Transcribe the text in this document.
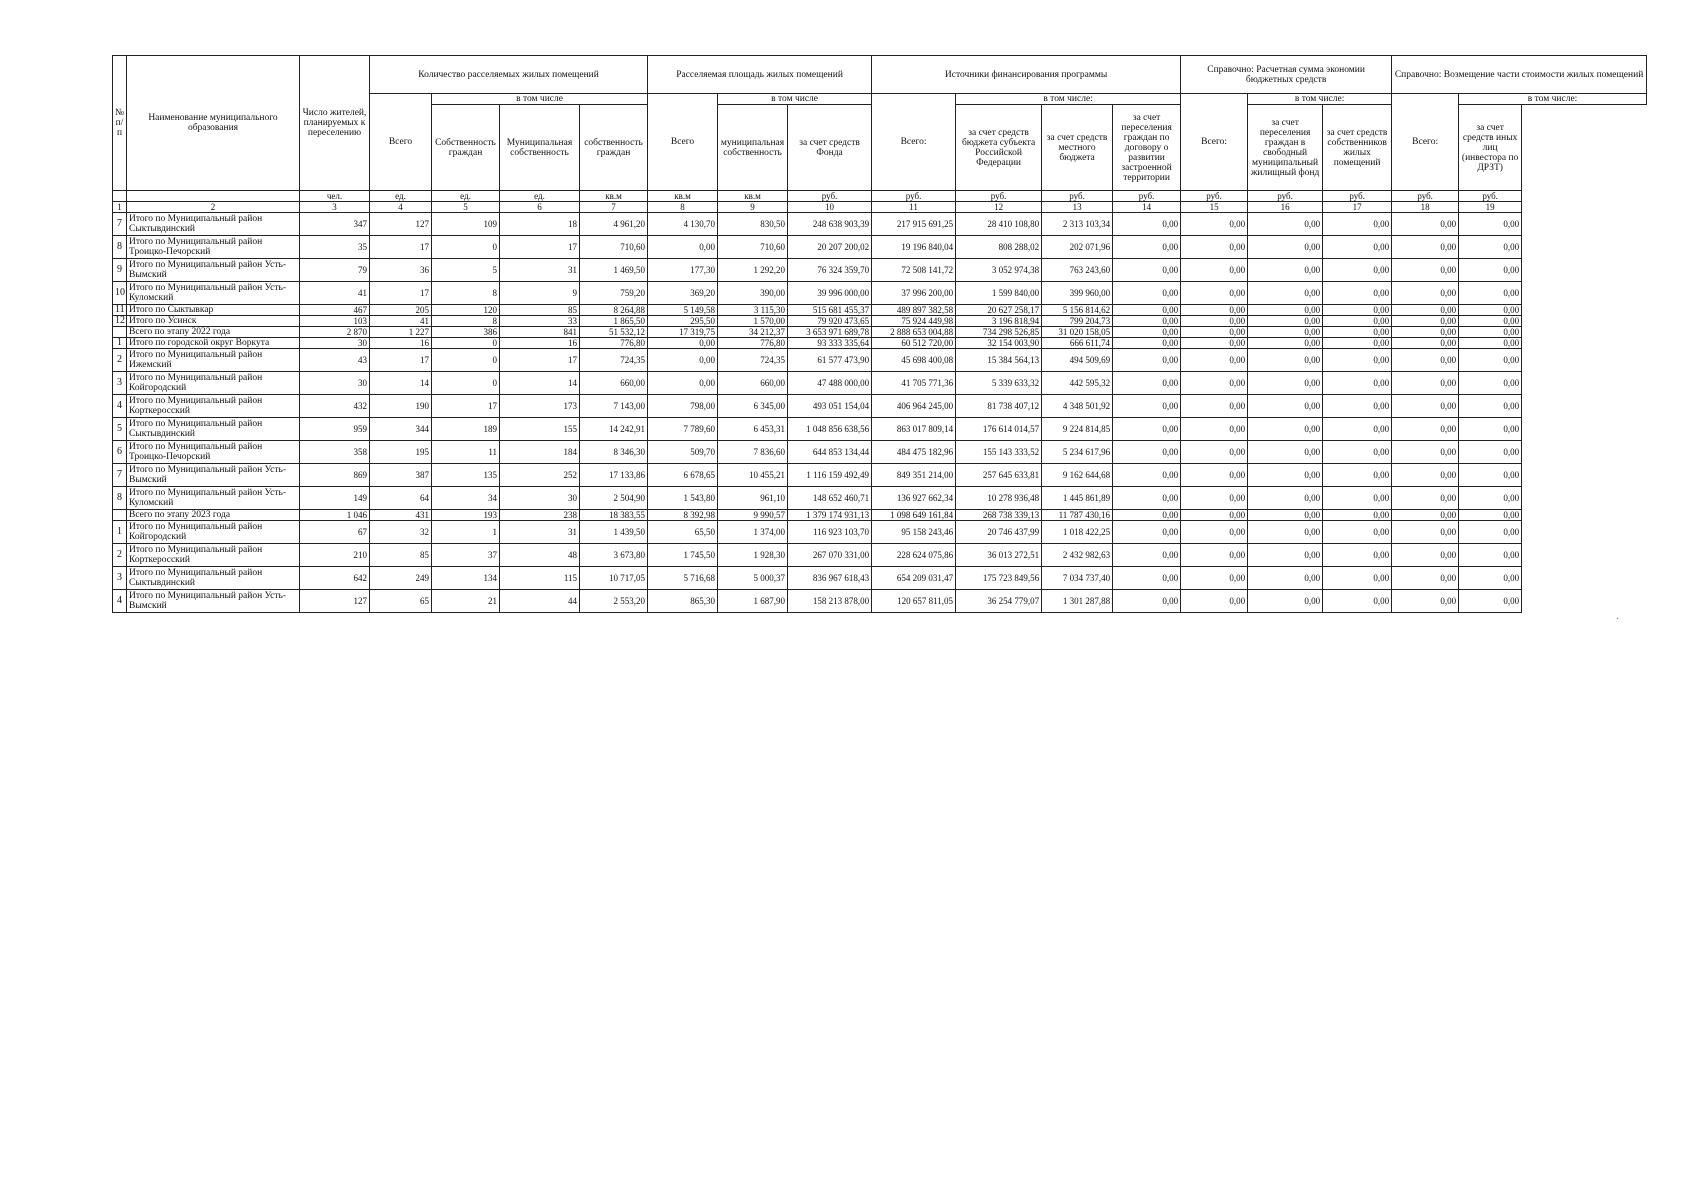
№ п/ п	Наименование муниципального образования	Число жителей, планируемых к переселению	Количество расселяемых жилых помещений				Расселяемая площадь жилых помещений			Источники финансирования программы				Справочно: Расчетная сумма экономии бюджетных средств			Справочно: Возмещение части стоимости жилых помещений	
			Всего	в том числе			Всего	в том числе		Всего:	в том числе:			Всего:	в том числе:		Всего:	в том числе:
				Собственность граждан	Муниципальная собственность	собственность граждан		муниципальная собственность	за счет средств Фонда		за счет средств бюджета субъекта Российской Федерации	за счет средств местного бюджета	за счет переселения граждан по договору о развитии застроенной территории		за счет переселения граждан в свободный муниципальный жилищный фонд	за счет средств собственников жилых помещений		за счет средств иных лиц (инвестора по ДРЗТ)
		чел.	ед.	ед.	ед.	кв.м	кв.м	кв.м	руб.	руб.	руб.	руб.	руб.	руб.	руб.	руб.	руб.	руб.
1	2	3	4	5	6	7	8	9	10	11	12	13	14	15	16	17	18	19
7	Итого по Муниципальный район Сыктывдинский	347	127	109	18	4 961,20	4 130,70	830,50	248 638 903,39	217 915 691,25	28 410 108,80	2 313 103,34	0,00	0,00	0,00	0,00	0,00	0,00
8	Итого по Муниципальный район Троицко-Печорский	35	17	0	17	710,60	0,00	710,60	20 207 200,02	19 196 840,04	808 288,02	202 071,96	0,00	0,00	0,00	0,00	0,00	0,00
9	Итого по Муниципальный район Усть-Вымский	79	36	5	31	1 469,50	177,30	1 292,20	76 324 359,70	72 508 141,72	3 052 974,38	763 243,60	0,00	0,00	0,00	0,00	0,00	0,00
10	Итого по Муниципальный район Усть-Куломский	41	17	8	9	759,20	369,20	390,00	39 996 000,00	37 996 200,00	1 599 840,00	399 960,00	0,00	0,00	0,00	0,00	0,00	0,00
11	Итого по Сыктывкар	467	205	120	85	8 264,88	5 149,58	3 115,30	515 681 455,37	489 897 382,58	20 627 258,17	5 156 814,62	0,00	0,00	0,00	0,00	0,00	0,00
12	Итого по Усинск	103	41	8	33	1 865,50	295,50	1 570,00	79 920 473,65	75 924 449,98	3 196 818,94	799 204,73	0,00	0,00	0,00	0,00	0,00	0,00
	Всего по этапу 2022 года	2 870	1 227	386	841	51 532,12	17 319,75	34 212,37	3 653 971 689,78	2 888 653 004,88	734 298 526,85	31 020 158,05	0,00	0,00	0,00	0,00	0,00	0,00
1	Итого по городской округ Воркута	30	16	0	16	776,80	0,00	776,80	93 333 335,64	60 512 720,00	32 154 003,90	666 611,74	0,00	0,00	0,00	0,00	0,00	0,00
2	Итого по Муниципальный район Ижемский	43	17	0	17	724,35	0,00	724,35	61 577 473,90	45 698 400,08	15 384 564,13	494 509,69	0,00	0,00	0,00	0,00	0,00	0,00
3	Итого по Муниципальный район Койгородский	30	14	0	14	660,00	0,00	660,00	47 488 000,00	41 705 771,36	5 339 633,32	442 595,32	0,00	0,00	0,00	0,00	0,00	0,00
4	Итого по Муниципальный район Корткеросский	432	190	17	173	7 143,00	798,00	6 345,00	493 051 154,04	406 964 245,00	81 738 407,12	4 348 501,92	0,00	0,00	0,00	0,00	0,00	0,00
5	Итого по Муниципальный район Сыктывдинский	959	344	189	155	14 242,91	7 789,60	6 453,31	1 048 856 638,56	863 017 809,14	176 614 014,57	9 224 814,85	0,00	0,00	0,00	0,00	0,00	0,00
6	Итого по Муниципальный район Троицко-Печорский	358	195	11	184	8 346,30	509,70	7 836,60	644 853 134,44	484 475 182,96	155 143 333,52	5 234 617,96	0,00	0,00	0,00	0,00	0,00	0,00
7	Итого по Муниципальный район Усть-Вымский	869	387	135	252	17 133,86	6 678,65	10 455,21	1 116 159 492,49	849 351 214,00	257 645 633,81	9 162 644,68	0,00	0,00	0,00	0,00	0,00	0,00
8	Итого по Муниципальный район Усть-Куломский	149	64	34	30	2 504,90	1 543,80	961,10	148 652 460,71	136 927 662,34	10 278 936,48	1 445 861,89	0,00	0,00	0,00	0,00	0,00	0,00
	Всего по этапу 2023 года	1 046	431	193	238	18 383,55	8 392,98	9 990,57	1 379 174 931,13	1 098 649 161,84	268 738 339,13	11 787 430,16	0,00	0,00	0,00	0,00	0,00	0,00
1	Итого по Муниципальный район Койгородский	67	32	1	31	1 439,50	65,50	1 374,00	116 923 103,70	95 158 243,46	20 746 437,99	1 018 422,25	0,00	0,00	0,00	0,00	0,00	0,00
2	Итого по Муниципальный район Корткеросский	210	85	37	48	3 673,80	1 745,50	1 928,30	267 070 331,00	228 624 075,86	36 013 272,51	2 432 982,63	0,00	0,00	0,00	0,00	0,00	0,00
3	Итого по Муниципальный район Сыктывдинский	642	249	134	115	10 717,05	5 716,68	5 000,37	836 967 618,43	654 209 031,47	175 723 849,56	7 034 737,40	0,00	0,00	0,00	0,00	0,00	0,00
4	Итого по Муниципальный район Усть-Вымский	127	65	21	44	2 553,20	865,30	1 687,90	158 213 878,00	120 657 811,05	36 254 779,07	1 301 287,88	0,00	0,00	0,00	0,00	0,00	0,00
·
